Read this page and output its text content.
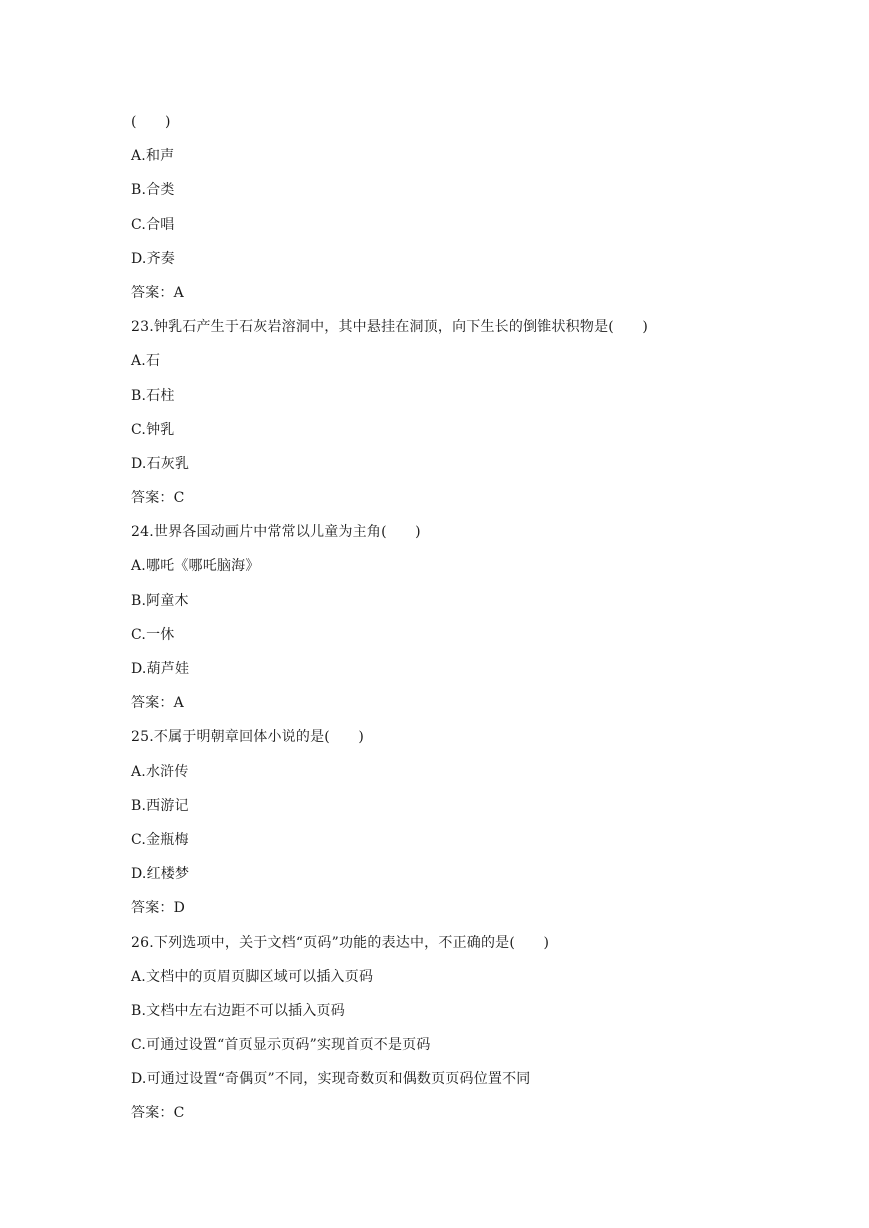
(　　)
A.和声
B.合类
C.合唱
D.齐奏
答案：A
23.钟乳石产生于石灰岩溶洞中，其中悬挂在洞顶，向下生长的倒锥状积物是(　　)
A.石
B.石柱
C.钟乳
D.石灰乳
答案：C
24.世界各国动画片中常常以儿童为主角(　　)
A.哪吒《哪吒脑海》
B.阿童木
C.一休
D.葫芦娃
答案：A
25.不属于明朝章回体小说的是(　　)
A.水浒传
B.西游记
C.金瓶梅
D.红楼梦
答案：D
26.下列选项中，关于文档“页码”功能的表达中，不正确的是(　　)
A.文档中的页眉页脚区域可以插入页码
B.文档中左右边距不可以插入页码
C.可通过设置“首页显示页码”实现首页不是页码
D.可通过设置“奇偶页”不同，实现奇数页和偶数页页码位置不同
答案：C
